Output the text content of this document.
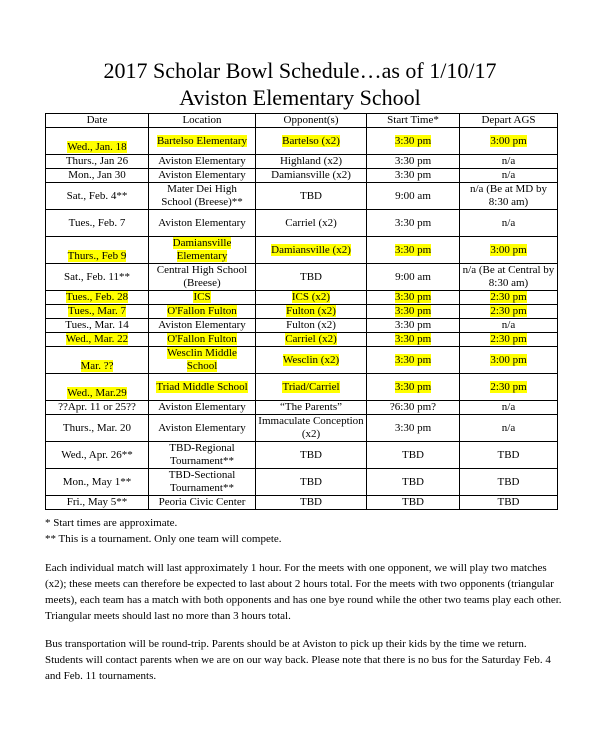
2017 Scholar Bowl Schedule…as of 1/10/17
Aviston Elementary School
Date	Location	Opponent(s)	Start Time*	Depart AGS
Wed., Jan. 18	Bartelso Elementary	Bartelso (x2)	3:30 pm	3:00 pm
Thurs., Jan 26	Aviston Elementary	Highland (x2)	3:30 pm	n/a
Mon., Jan 30	Aviston Elementary	Damiansville (x2)	3:30 pm	n/a
Sat., Feb. 4**	Mater Dei High School (Breese)**	TBD	9:00 am	n/a (Be at MD by 8:30 am)
Tues., Feb. 7	Aviston Elementary	Carriel (x2)	3:30 pm	n/a
Thurs., Feb 9	Damiansville Elementary	Damiansville (x2)	3:30 pm	3:00 pm
Sat., Feb. 11**	Central High School (Breese)	TBD	9:00 am	n/a (Be at Central by 8:30 am)
Tues., Feb. 28	ICS	ICS (x2)	3:30 pm	2:30 pm
Tues., Mar. 7	O'Fallon Fulton	Fulton (x2)	3:30 pm	2:30 pm
Tues., Mar. 14	Aviston Elementary	Fulton (x2)	3:30 pm	n/a
Wed., Mar. 22	O'Fallon Fulton	Carriel (x2)	3:30 pm	2:30 pm
Mar. ??	Wesclin Middle School	Wesclin (x2)	3:30 pm	3:00 pm
Wed., Mar.29	Triad Middle School	Triad/Carriel	3:30 pm	2:30 pm
??Apr. 11 or 25??	Aviston Elementary	“The Parents”	?6:30 pm?	n/a
Thurs., Mar. 20	Aviston Elementary	Immaculate Conception (x2)	3:30 pm	n/a
Wed., Apr. 26**	TBD-Regional Tournament**	TBD	TBD	TBD
Mon., May 1**	TBD-Sectional Tournament**	TBD	TBD	TBD
Fri., May 5**	Peoria Civic Center	TBD	TBD	TBD

* Start times are approximate.

** This is a tournament. Only one team will compete.

Each individual match will last approximately 1 hour. For the meets with one opponent, we will play two matches (x2); these meets can therefore be expected to last about 2 hours total. For the meets with two opponents (triangular meets), each team has a match with both opponents and has one bye round while the other two teams play each other. Triangular meets should last no more than 3 hours total.

Bus transportation will be round-trip. Parents should be at Aviston to pick up their kids by the time we return. Students will contact parents when we are on our way back. Please note that there is no bus for the Saturday Feb. 4 and Feb. 11 tournaments.
